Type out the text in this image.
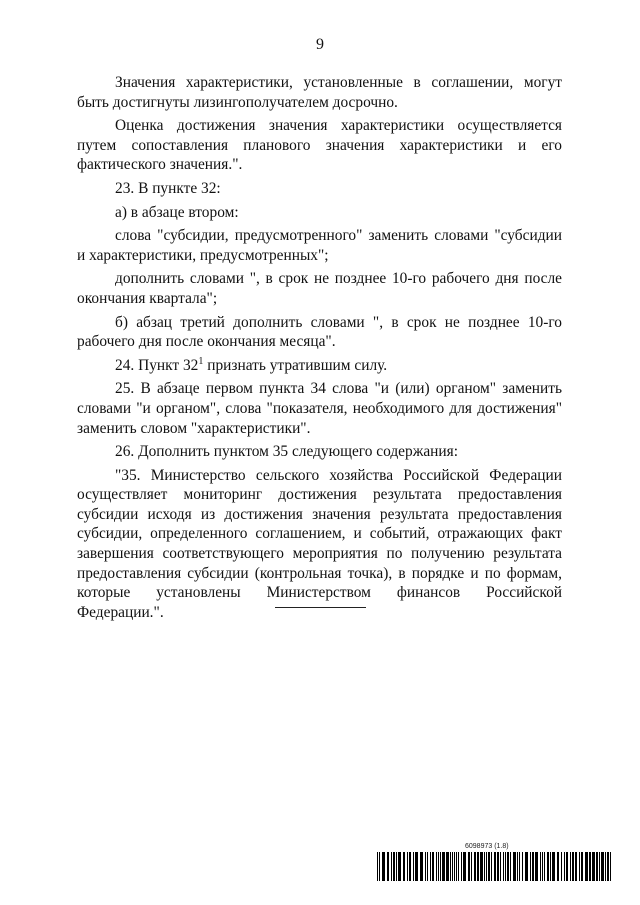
9

Значения характеристики, установленные в соглашении, могут быть достигнуты лизингополучателем досрочно.

Оценка достижения значения характеристики осуществляется путем сопоставления планового значения характеристики и его фактического значения.".

23. В пункте 32:

а) в абзаце втором:

слова "субсидии, предусмотренного" заменить словами "субсидии и характеристики, предусмотренных";

дополнить словами ", в срок не позднее 10-го рабочего дня после окончания квартала";

б) абзац третий дополнить словами ", в срок не позднее 10-го рабочего дня после окончания месяца".

24. Пункт $32^1$ признать утратившим силу.

25. В абзаце первом пункта 34 слова "и (или) органом" заменить словами "и органом", слова "показателя, необходимого для достижения" заменить словом "характеристики".

26. Дополнить пунктом 35 следующего содержания:

"35. Министерство сельского хозяйства Российской Федерации осуществляет мониторинг достижения результата предоставления субсидии исходя из достижения значения результата предоставления субсидии, определенного соглашением, и событий, отражающих факт завершения соответствующего мероприятия по получению результата предоставления субсидии (контрольная точка), в порядке и по формам, которые установлены Министерством финансов Российской Федерации.".

6098973 (1.8)
